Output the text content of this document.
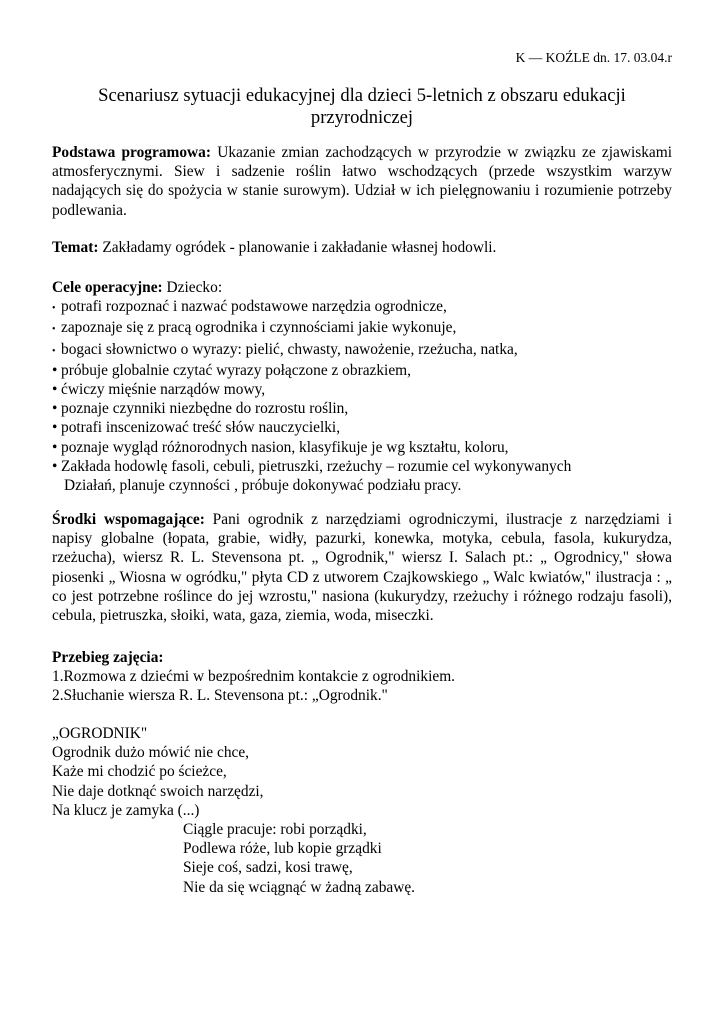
K — KOŹLE dn. 17. 03.04.r
Scenariusz sytuacji edukacyjnej dla dzieci 5-letnich z obszaru edukacji przyrodniczej
Podstawa programowa: Ukazanie zmian zachodzących w przyrodzie w związku ze zjawiskami atmosferycznymi. Siew i sadzenie roślin łatwo wschodzących (przede wszystkim warzyw nadających się do spożycia w stanie surowym). Udział w ich pielęgnowaniu i rozumienie potrzeby podlewania.
Temat: Zakładamy ogródek - planowanie i zakładanie własnej hodowli.
Cele operacyjne: Dziecko:
• potrafi rozpoznać i nazwać podstawowe narzędzia ogrodnicze,
• zapoznaje się z pracą ogrodnika i czynnościami jakie wykonuje,
• bogaci słownictwo o wyrazy: pielić, chwasty, nawożenie, rzeżucha, natka,
• próbuje globalnie czytać wyrazy połączone z obrazkiem,
• ćwiczy mięśnie narządów mowy,
• poznaje czynniki niezbędne do rozrostu roślin,
• potrafi inscenizować treść słów nauczycielki,
• poznaje wygląd różnorodnych nasion, klasyfikuje je wg kształtu, koloru,
• Zakłada hodowlę fasoli, cebuli, pietruszki, rzeżuchy – rozumie cel wykonywanych
Działań, planuje czynności , próbuje dokonywać podziału pracy.
Środki wspomagające: Pani ogrodnik z narzędziami ogrodniczymi, ilustracje z narzędziami i napisy globalne (łopata, grabie, widły, pazurki, konewka, motyka, cebula, fasola, kukurydza, rzeżucha), wiersz R. L. Stevensona pt. „ Ogrodnik," wiersz I. Salach pt.: „ Ogrodnicy," słowa piosenki „ Wiosna w ogródku," płyta CD z utworem Czajkowskiego „ Walc kwiatów," ilustracja : „ co jest potrzebne roślince do jej wzrostu," nasiona (kukurydzy, rzeżuchy i różnego rodzaju fasoli), cebula, pietruszka, słoiki, wata, gaza, ziemia, woda, miseczki.
Przebieg zajęcia:
1.Rozmowa z dziećmi w bezpośrednim kontakcie z ogrodnikiem.
2.Słuchanie wiersza R. L. Stevensona pt.: „Ogrodnik."
„OGRODNIK"
Ogrodnik dużo mówić nie chce,
Każe mi chodzić po ścieżce,
Nie daje dotknąć swoich narzędzi,
Na klucz je zamyka (...)
Ciągle pracuje: robi porządki,
Podlewa róże, lub kopie grządki
Sieje coś, sadzi, kosi trawę,
Nie da się wciągnąć w żadną zabawę.
